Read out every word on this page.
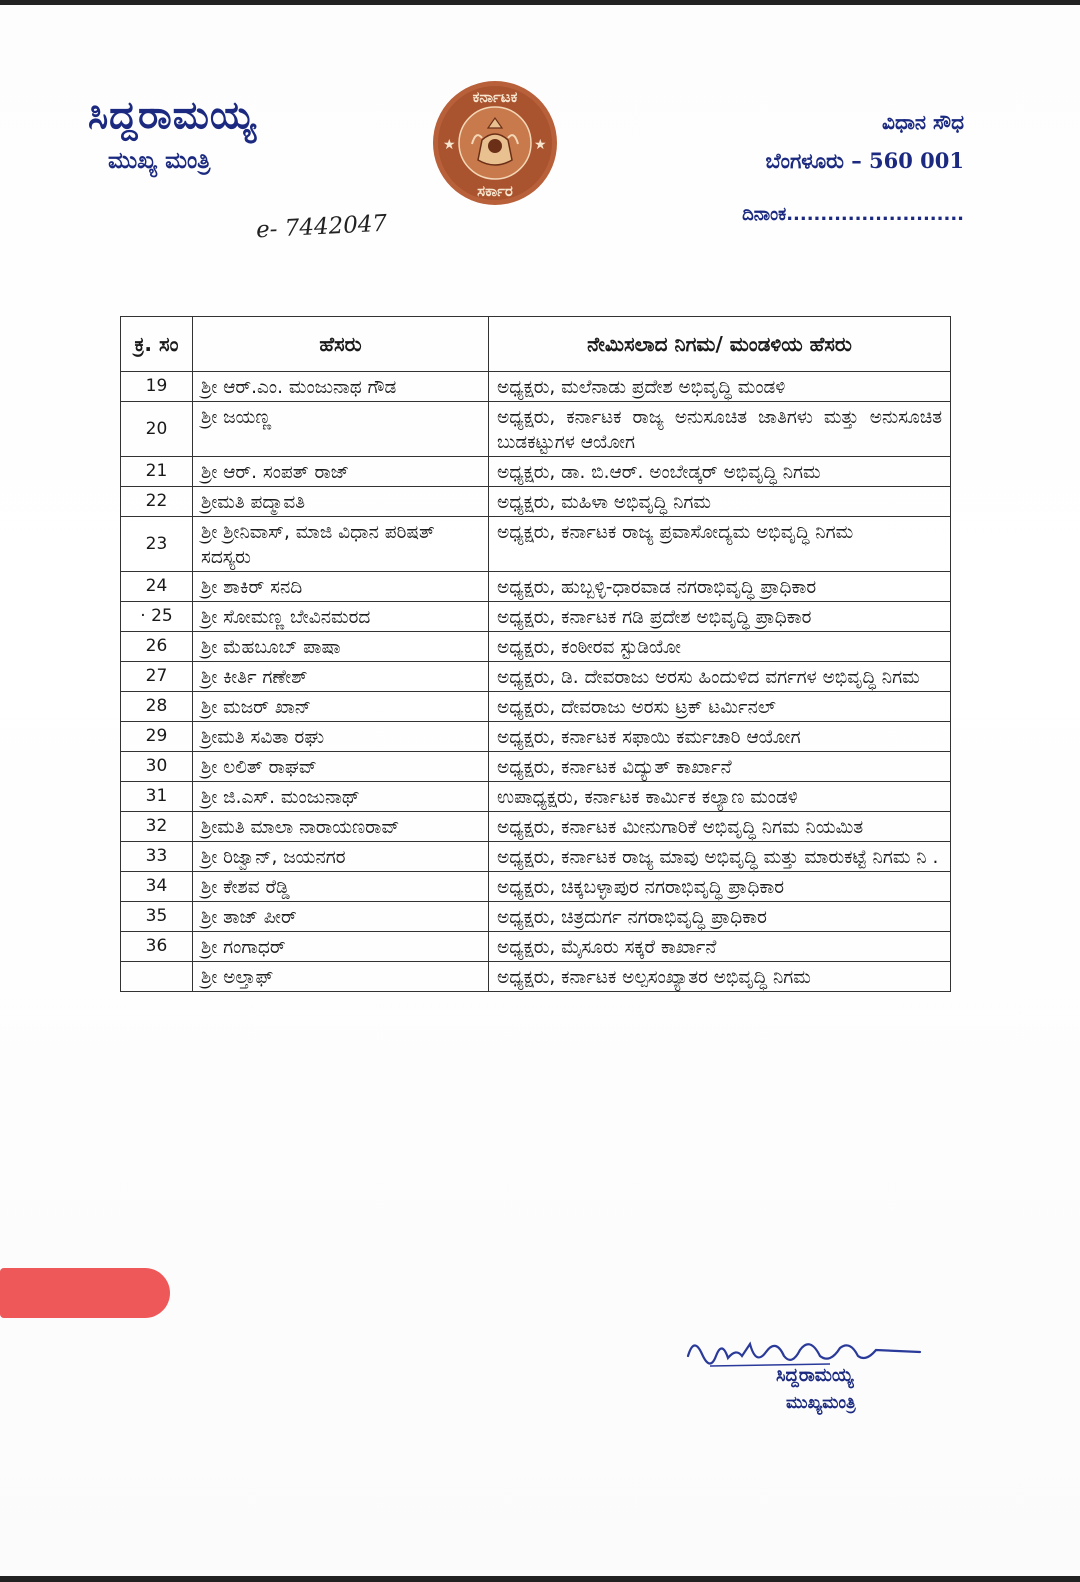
ಸಿದ್ದರಾಮಯ್ಯ
ಮುಖ್ಯ ಮಂತ್ರಿ
ಕರ್ನಾಟಕ
ಸರ್ಕಾರ
★	★
ವಿಧಾನ ಸೌಧ
ಬೆಂಗಳೂರು – 560 001
ದಿನಾಂಕ..........................
e- 7442047
ಕ್ರ. ಸಂ	ಹೆಸರು	ನೇಮಿಸಲಾದ ನಿಗಮ/ ಮಂಡಳಿಯ ಹೆಸರು
19	ಶ್ರೀ ಆರ್.ಎಂ. ಮಂಜುನಾಥ ಗೌಡ	ಅಧ್ಯಕ್ಷರು, ಮಲೆನಾಡು ಪ್ರದೇಶ ಅಭಿವೃದ್ಧಿ ಮಂಡಳಿ
20	ಶ್ರೀ ಜಯಣ್ಣ	ಅಧ್ಯಕ್ಷರು, ಕರ್ನಾಟಕ ರಾಜ್ಯ ಅನುಸೂಚಿತ ಜಾತಿಗಳು ಮತ್ತು ಅನುಸೂಚಿತ ಬುಡಕಟ್ಟುಗಳ ಆಯೋಗ
21	ಶ್ರೀ ಆರ್. ಸಂಪತ್ ರಾಜ್	ಅಧ್ಯಕ್ಷರು, ಡಾ. ಬಿ.ಆರ್. ಅಂಬೇಡ್ಕರ್ ಅಭಿವೃದ್ಧಿ ನಿಗಮ
22	ಶ್ರೀಮತಿ ಪದ್ಮಾವತಿ	ಅಧ್ಯಕ್ಷರು, ಮಹಿಳಾ ಅಭಿವೃದ್ಧಿ ನಿಗಮ
23	ಶ್ರೀ ಶ್ರೀನಿವಾಸ್, ಮಾಜಿ ವಿಧಾನ ಪರಿಷತ್ ಸದಸ್ಯರು	ಅಧ್ಯಕ್ಷರು, ಕರ್ನಾಟಕ ರಾಜ್ಯ ಪ್ರವಾಸೋದ್ಯಮ ಅಭಿವೃದ್ಧಿ ನಿಗಮ
24	ಶ್ರೀ ಶಾಕಿರ್ ಸನದಿ	ಅಧ್ಯಕ್ಷರು, ಹುಬ್ಬಳ್ಳಿ-ಧಾರವಾಡ ನಗರಾಭಿವೃದ್ಧಿ ಪ್ರಾಧಿಕಾರ
· 25	ಶ್ರೀ ಸೋಮಣ್ಣ ಬೇವಿನಮರದ	ಅಧ್ಯಕ್ಷರು, ಕರ್ನಾಟಕ ಗಡಿ ಪ್ರದೇಶ ಅಭಿವೃದ್ಧಿ ಪ್ರಾಧಿಕಾರ
26	ಶ್ರೀ ಮೆಹಬೂಬ್ ಪಾಷಾ	ಅಧ್ಯಕ್ಷರು, ಕಂಠೀರವ ಸ್ಟುಡಿಯೋ
27	ಶ್ರೀ ಕೀರ್ತಿ ಗಣೇಶ್	ಅಧ್ಯಕ್ಷರು, ಡಿ. ದೇವರಾಜು ಅರಸು ಹಿಂದುಳಿದ ವರ್ಗಗಳ ಅಭಿವೃದ್ಧಿ ನಿಗಮ
28	ಶ್ರೀ ಮಜರ್ ಖಾನ್	ಅಧ್ಯಕ್ಷರು, ದೇವರಾಜು ಅರಸು ಟ್ರಕ್ ಟರ್ಮಿನಲ್
29	ಶ್ರೀಮತಿ ಸವಿತಾ ರಘು	ಅಧ್ಯಕ್ಷರು, ಕರ್ನಾಟಕ ಸಫಾಯಿ ಕರ್ಮಚಾರಿ ಆಯೋಗ
30	ಶ್ರೀ ಲಲಿತ್ ರಾಘವ್	ಅಧ್ಯಕ್ಷರು, ಕರ್ನಾಟಕ ವಿದ್ಯುತ್ ಕಾರ್ಖಾನೆ
31	ಶ್ರೀ ಜಿ.ಎಸ್. ಮಂಜುನಾಥ್	ಉಪಾಧ್ಯಕ್ಷರು, ಕರ್ನಾಟಕ ಕಾರ್ಮಿಕ ಕಲ್ಯಾಣ ಮಂಡಳಿ
32	ಶ್ರೀಮತಿ ಮಾಲಾ ನಾರಾಯಣರಾವ್	ಅಧ್ಯಕ್ಷರು, ಕರ್ನಾಟಕ ಮೀನುಗಾರಿಕೆ ಅಭಿವೃದ್ಧಿ ನಿಗಮ ನಿಯಮಿತ
33	ಶ್ರೀ ರಿಜ್ವಾನ್, ಜಯನಗರ	ಅಧ್ಯಕ್ಷರು, ಕರ್ನಾಟಕ ರಾಜ್ಯ ಮಾವು ಅಭಿವೃದ್ಧಿ ಮತ್ತು ಮಾರುಕಟ್ಟೆ ನಿಗಮ ನಿ .
34	ಶ್ರೀ ಕೇಶವ ರೆಡ್ಡಿ	ಅಧ್ಯಕ್ಷರು, ಚಿಕ್ಕಬಳ್ಳಾಪುರ ನಗರಾಭಿವೃದ್ಧಿ ಪ್ರಾಧಿಕಾರ
35	ಶ್ರೀ ತಾಜ್ ಪೀರ್	ಅಧ್ಯಕ್ಷರು, ಚಿತ್ರದುರ್ಗ ನಗರಾಭಿವೃದ್ಧಿ ಪ್ರಾಧಿಕಾರ
36	ಶ್ರೀ ಗಂಗಾಧರ್	ಅಧ್ಯಕ್ಷರು, ಮೈಸೂರು ಸಕ್ಕರೆ ಕಾರ್ಖಾನೆ
	ಶ್ರೀ ಅಲ್ತಾಫ್	ಅಧ್ಯಕ್ಷರು, ಕರ್ನಾಟಕ ಅಲ್ಪಸಂಖ್ಯಾತರ ಅಭಿವೃದ್ಧಿ ನಿಗಮ
ಸಿದ್ದರಾಮಯ್ಯ
ಮುಖ್ಯಮಂತ್ರಿ
